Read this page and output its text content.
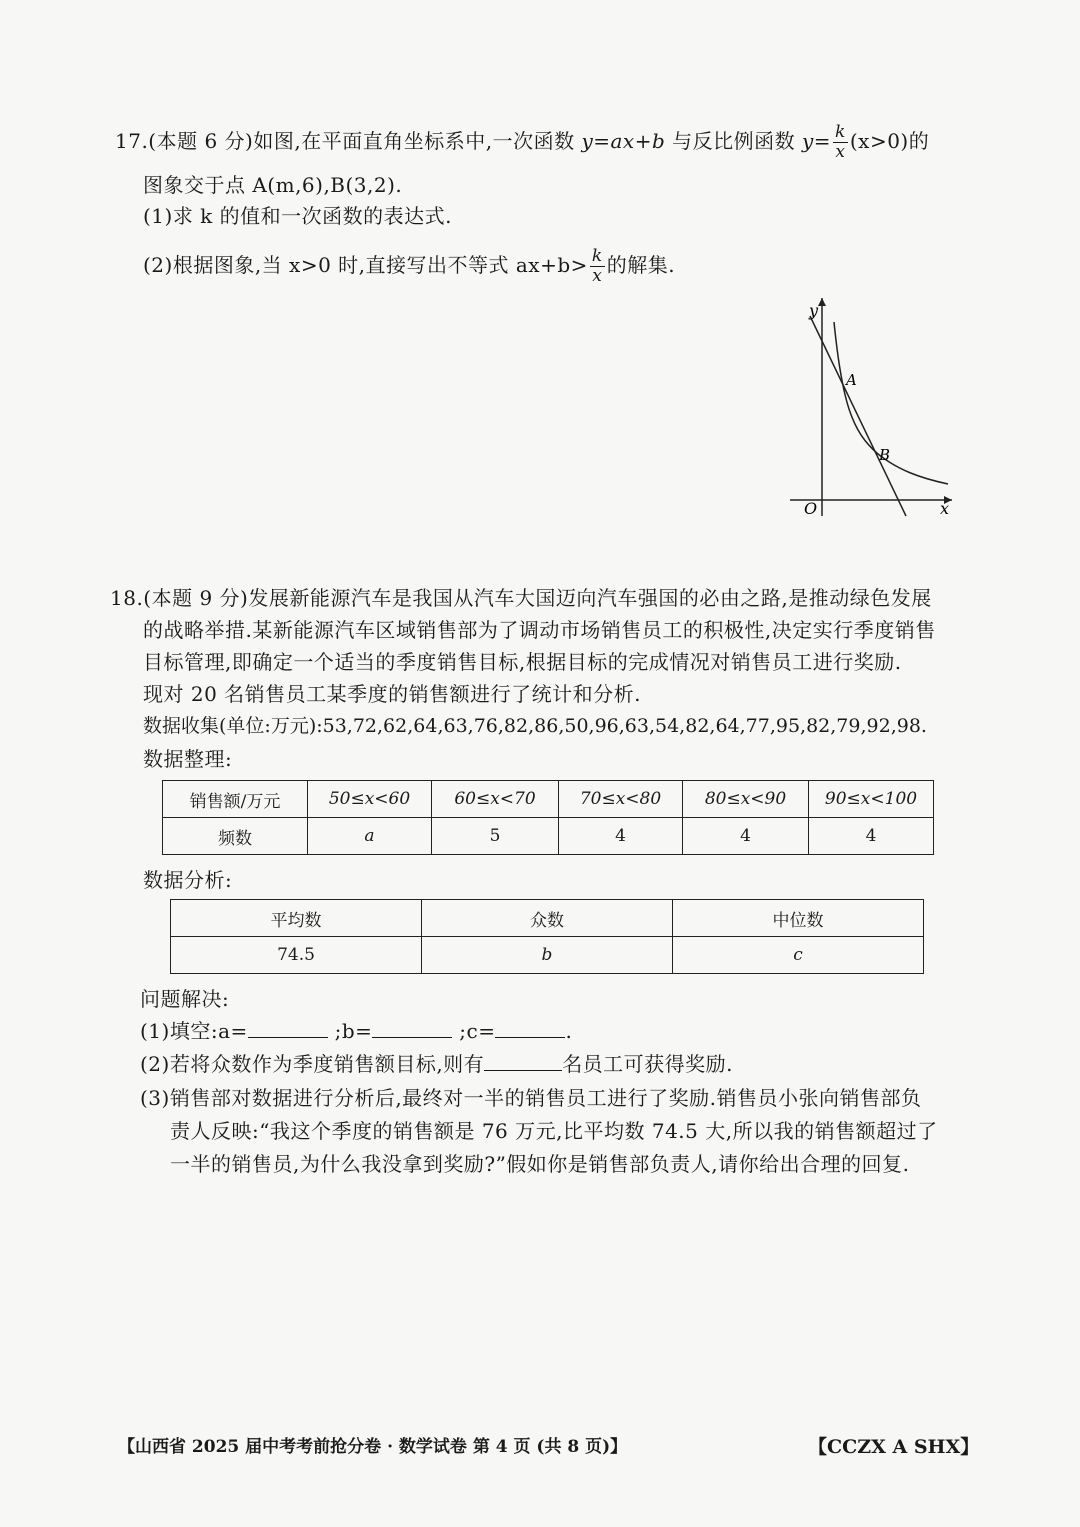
17.(本题 6 分)如图,在平面直角坐标系中,一次函数 y=ax+b 与反比例函数 $y= \frac{k}{x} (x>0)$的
图象交于点 A(m,6),B(3,2).
(1)求 k 的值和一次函数的表达式.
(2)根据图象,当 x>0 时,直接写出不等式 $ax+b> \frac{k}{x}$ 的解集.
y
x
O
A
B
18.(本题 9 分)发展新能源汽车是我国从汽车大国迈向汽车强国的必由之路,是推动绿色发展
的战略举措.某新能源汽车区域销售部为了调动市场销售员工的积极性,决定实行季度销售
目标管理,即确定一个适当的季度销售目标,根据目标的完成情况对销售员工进行奖励.
现对 20 名销售员工某季度的销售额进行了统计和分析.
数据收集(单位:万元):53,72,62,64,63,76,82,86,50,96,63,54,82,64,77,95,82,79,92,98.
数据整理:
销售额/万元	50≤x<60	60≤x<70	70≤x<80	80≤x<90	90≤x<100
频数	a	5	4	4	4
数据分析:
平均数	众数	中位数
74.5	b	c
问题解决:
(1)填空:a=	;b=	;c=	.
(2)若将众数作为季度销售额目标,则有	名员工可获得奖励.
(3)销售部对数据进行分析后,最终对一半的销售员工进行了奖励.销售员小张向销售部负
责人反映:“我这个季度的销售额是 76 万元,比平均数 74.5 大,所以我的销售额超过了
一半的销售员,为什么我没拿到奖励?”假如你是销售部负责人,请你给出合理的回复.
【山西省 2025 届中考考前抢分卷 · 数学试卷 第 4 页 (共 8 页)】	【CCZX A SHX】
